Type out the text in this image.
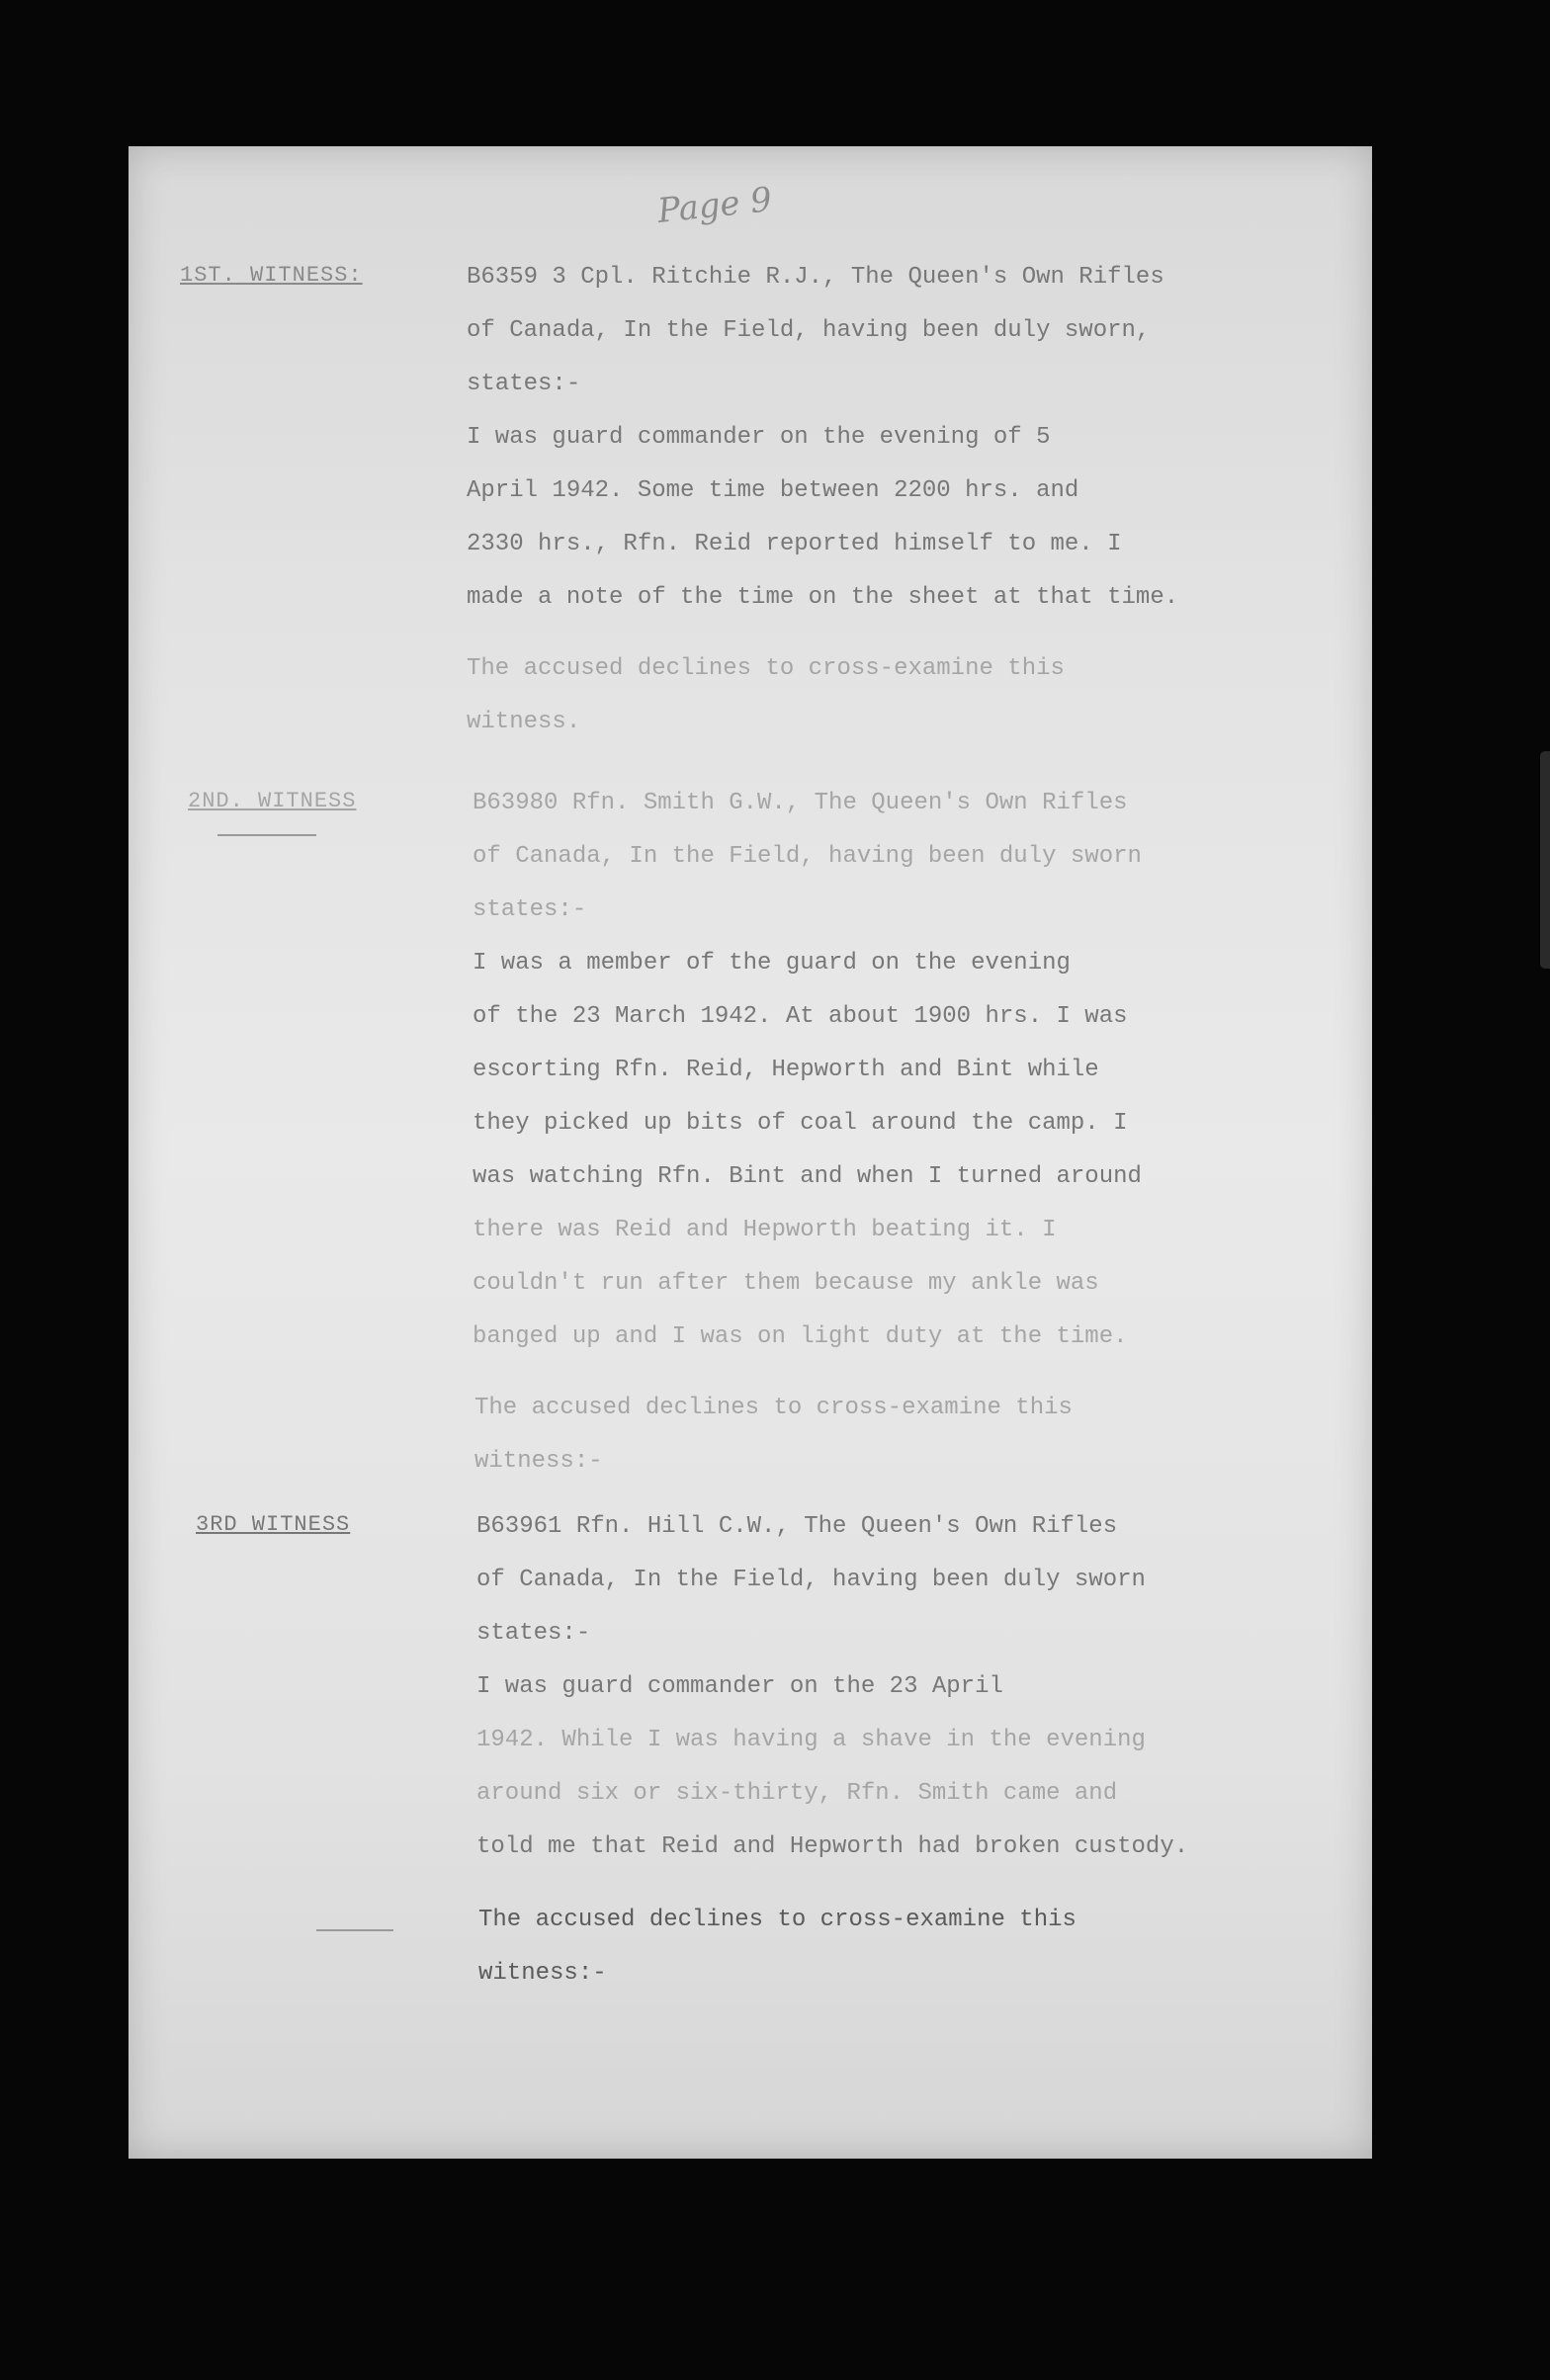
Page 9
1ST. WITNESS:	B6359 3 Cpl. Ritchie R.J., The Queen's Own Rifles
of Canada, In the Field, having been duly sworn,
states:-
I was guard commander on the evening of 5
April 1942. Some time between 2200 hrs. and
2330 hrs., Rfn. Reid reported himself to me. I
made a note of the time on the sheet at that time.
The accused declines to cross-examine this
witness.
2ND. WITNESS	B63980 Rfn. Smith G.W., The Queen's Own Rifles
of Canada, In the Field, having been duly sworn
states:-
I was a member of the guard on the evening
of the 23 March 1942. At about 1900 hrs. I was
escorting Rfn. Reid, Hepworth and Bint while
they picked up bits of coal around the camp. I
was watching Rfn. Bint and when I turned around
there was Reid and Hepworth beating it. I
couldn't run after them because my ankle was
banged up and I was on light duty at the time.
The accused declines to cross-examine this
witness:-
3RD WITNESS	B63961 Rfn. Hill C.W., The Queen's Own Rifles
of Canada, In the Field, having been duly sworn
states:-
I was guard commander on the 23 April
1942. While I was having a shave in the evening
around six or six-thirty, Rfn. Smith came and
told me that Reid and Hepworth had broken custody.
The accused declines to cross-examine this
witness:-
